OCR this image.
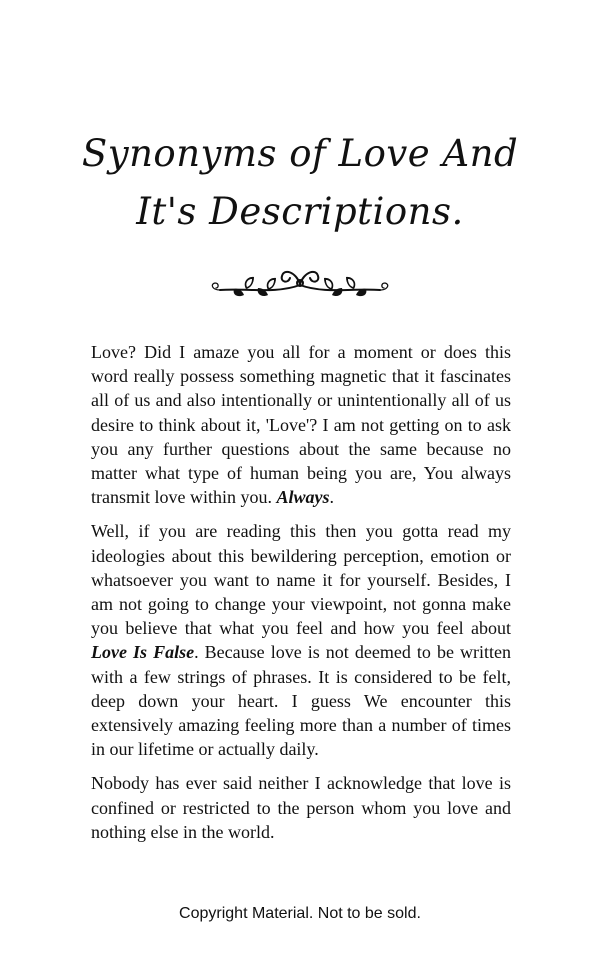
Synonyms of Love And
It's Descriptions.

Love? Did I amaze you all for a moment or does this word really possess something magnetic that it fascinates all of us and also intentionally or unintentionally all of us desire to think about it, 'Love'? I am not getting on to ask you any further questions about the same because no matter what type of human being you are, You always transmit love within you. Always.

Well, if you are reading this then you gotta read my ideologies about this bewildering perception, emotion or whatsoever you want to name it for yourself. Besides, I am not going to change your viewpoint, not gonna make you believe that what you feel and how you feel about Love Is False. Because love is not deemed to be written with a few strings of phrases. It is considered to be felt, deep down your heart. I guess We encounter this extensively amazing feeling more than a number of times in our lifetime or actually daily.

Nobody has ever said neither I acknowledge that love is confined or restricted to the person whom you love and nothing else in the world.

Copyright Material. Not to be sold.
